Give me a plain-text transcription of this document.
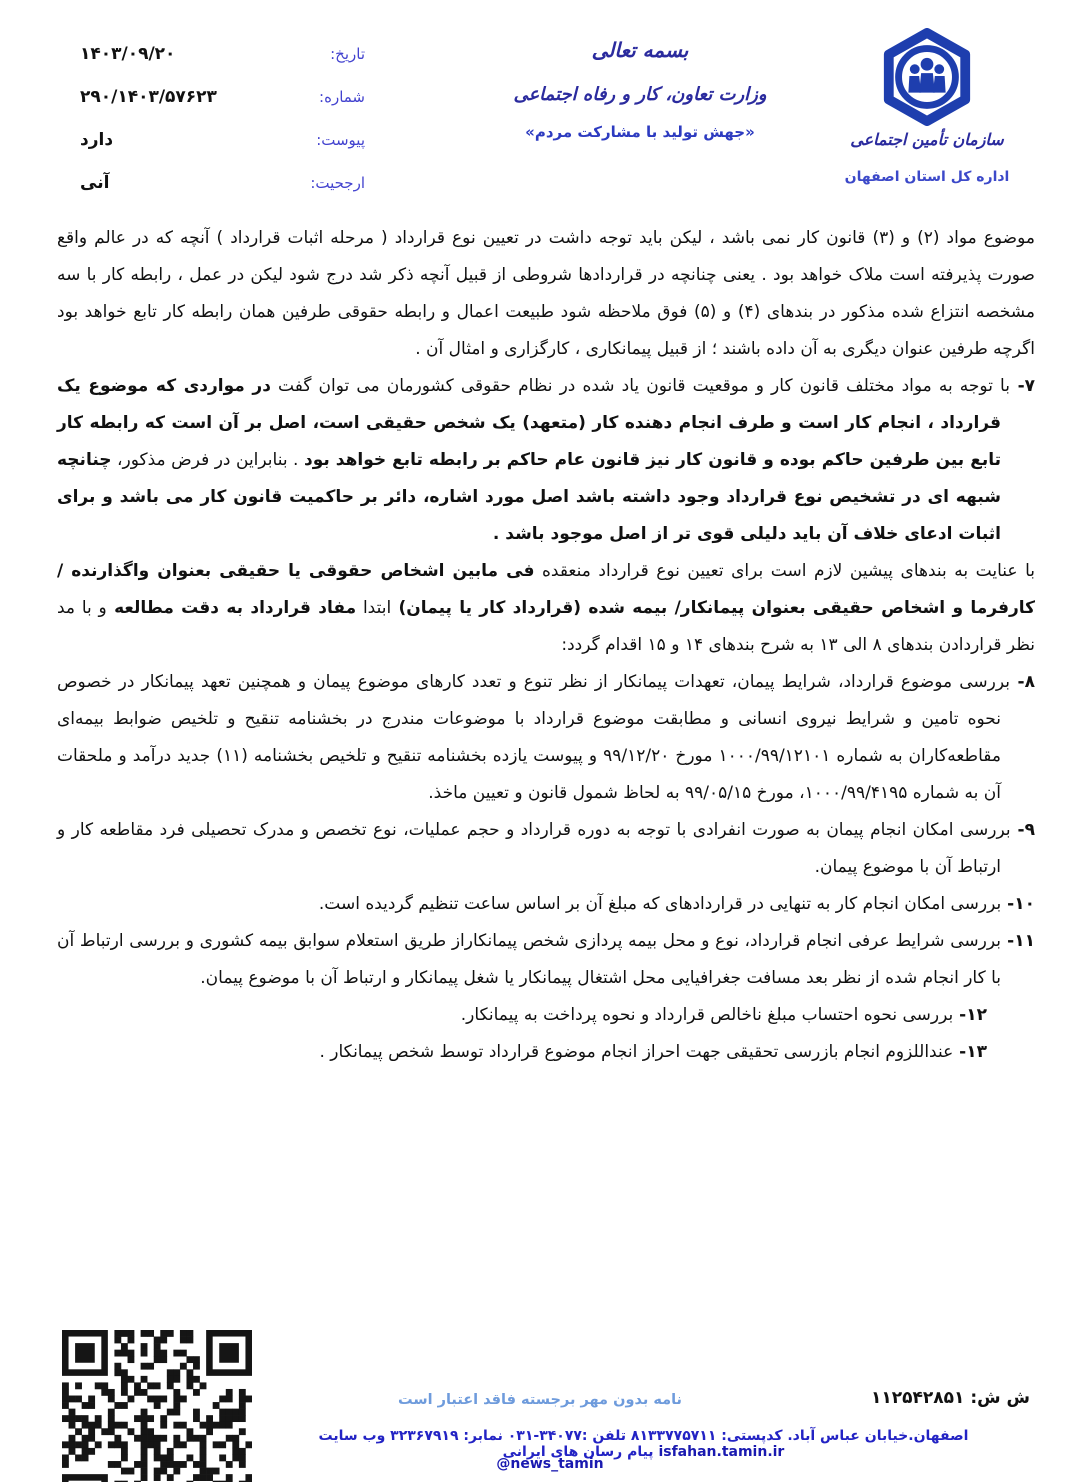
سازمان تأمین اجتماعی
اداره کل استان اصفهان
بسمه تعالی
وزارت تعاون، کار و رفاه اجتماعی
«جهش تولید با مشارکت مردم»
تاریخ:
۱۴۰۳/۰۹/۲۰
شماره:
۲۹۰/۱۴۰۳/۵۷۶۲۳
پیوست:
دارد
ارجحیت:
آنی
موضوع مواد (۲) و (۳) قانون کار نمی باشد ، لیکن باید توجه داشت در تعیین نوع قرارداد ( مرحله اثبات قرارداد ) آنچه که در عالم واقع صورت پذیرفته است ملاک خواهد بود . یعنی چنانچه در قراردادها شروطی از قبیل آنچه ذکر شد درج شود لیکن در عمل ، رابطه کار با سه مشخصه انتزاع شده مذکور در بندهای (۴) و (۵) فوق ملاحظه شود طبیعت اعمال و رابطه حقوقی طرفین همان رابطه کار تابع خواهد بود اگرچه طرفین عنوان دیگری به آن داده باشند ؛ از قبیل پیمانکاری ، کارگزاری و امثال آن .
۷- با توجه به مواد مختلف قانون کار و موقعیت قانون یاد شده در نظام حقوقی کشورمان می توان گفت در مواردی که موضوع یک قرارداد ، انجام کار است و طرف انجام دهنده کار (متعهد) یک شخص حقیقی است، اصل بر آن است که رابطه کار تابع بین طرفین حاکم بوده و قانون کار نیز قانون عام حاکم بر رابطه تابع خواهد بود . بنابراین در فرض مذکور، چنانچه شبهه ای در تشخیص نوع قرارداد وجود داشته باشد اصل مورد اشاره، دائر بر حاکمیت قانون کار می باشد و برای اثبات ادعای خلاف آن باید دلیلی قوی تر از اصل موجود باشد .
با عنایت به بندهای پیشین لازم است برای تعیین نوع قرارداد منعقده فی مابین اشخاص حقوقی یا حقیقی بعنوان واگذارنده / کارفرما و اشخاص حقیقی بعنوان پیمانکار/ بیمه شده (قرارداد کار یا پیمان) ابتدا مفاد قرارداد به دقت مطالعه و با مد نظر قراردادن بندهای ۸ الی ۱۳ به شرح بندهای ۱۴ و ۱۵ اقدام گردد:
۸- بررسی موضوع قرارداد، شرایط پیمان، تعهدات پیمانکار از نظر تنوع و تعدد کارهای موضوع پیمان و همچنین تعهد پیمانکار در خصوص نحوه تامین و شرایط نیروی انسانی و مطابقت موضوع قرارداد با موضوعات مندرج در بخشنامه تنقیح و تلخیص ضوابط بیمه‌ای مقاطعه‌کاران به شماره ۱۰۰۰/۹۹/۱۲۱۰۱ مورخ ۹۹/۱۲/۲۰ و پیوست یازده بخشنامه تنقیح و تلخیص بخشنامه (۱۱) جدید درآمد و ملحقات آن به شماره ۱۰۰۰/۹۹/۴۱۹۵، مورخ ۹۹/۰۵/۱۵ به لحاظ شمول قانون و تعیین ماخذ.
۹- بررسی امکان انجام پیمان به صورت انفرادی با توجه به دوره قرارداد و حجم عملیات، نوع تخصص و مدرک تحصیلی فرد مقاطعه کار و ارتباط آن با موضوع پیمان.
۱۰- بررسی امکان انجام کار به تنهایی در قراردادهای که مبلغ آن بر اساس ساعت تنظیم گردیده است.
۱۱- بررسی شرایط عرفی انجام قرارداد، نوع و محل بیمه پردازی شخص پیمانکاراز طریق استعلام سوابق بیمه کشوری و بررسی ارتباط آن با کار انجام شده از نظر بعد مسافت جغرافیایی محل اشتغال پیمانکار یا شغل پیمانکار و ارتباط آن با موضوع پیمان.
۱۲- بررسی نحوه احتساب مبلغ ناخالص قرارداد و نحوه پرداخت به پیمانکار.
۱۳- عنداللزوم انجام بازرسی تحقیقی جهت احراز انجام موضوع قرارداد توسط شخص پیمانکار .
نامه بدون مهر برجسته فاقد اعتبار است	ش ش: ۱۱۲۵۴۲۸۵۱
اصفهان.خیابان عباس آباد. کدپستی: ۸۱۳۳۷۷۵۷۱۱ تلفن :۳۴۰۷۷-۰۳۱ نمابر: ۳۲۳۶۷۹۱۹ وب سایت isfahan.tamin.ir پیام رسان های ایرانی
@news_tamin
